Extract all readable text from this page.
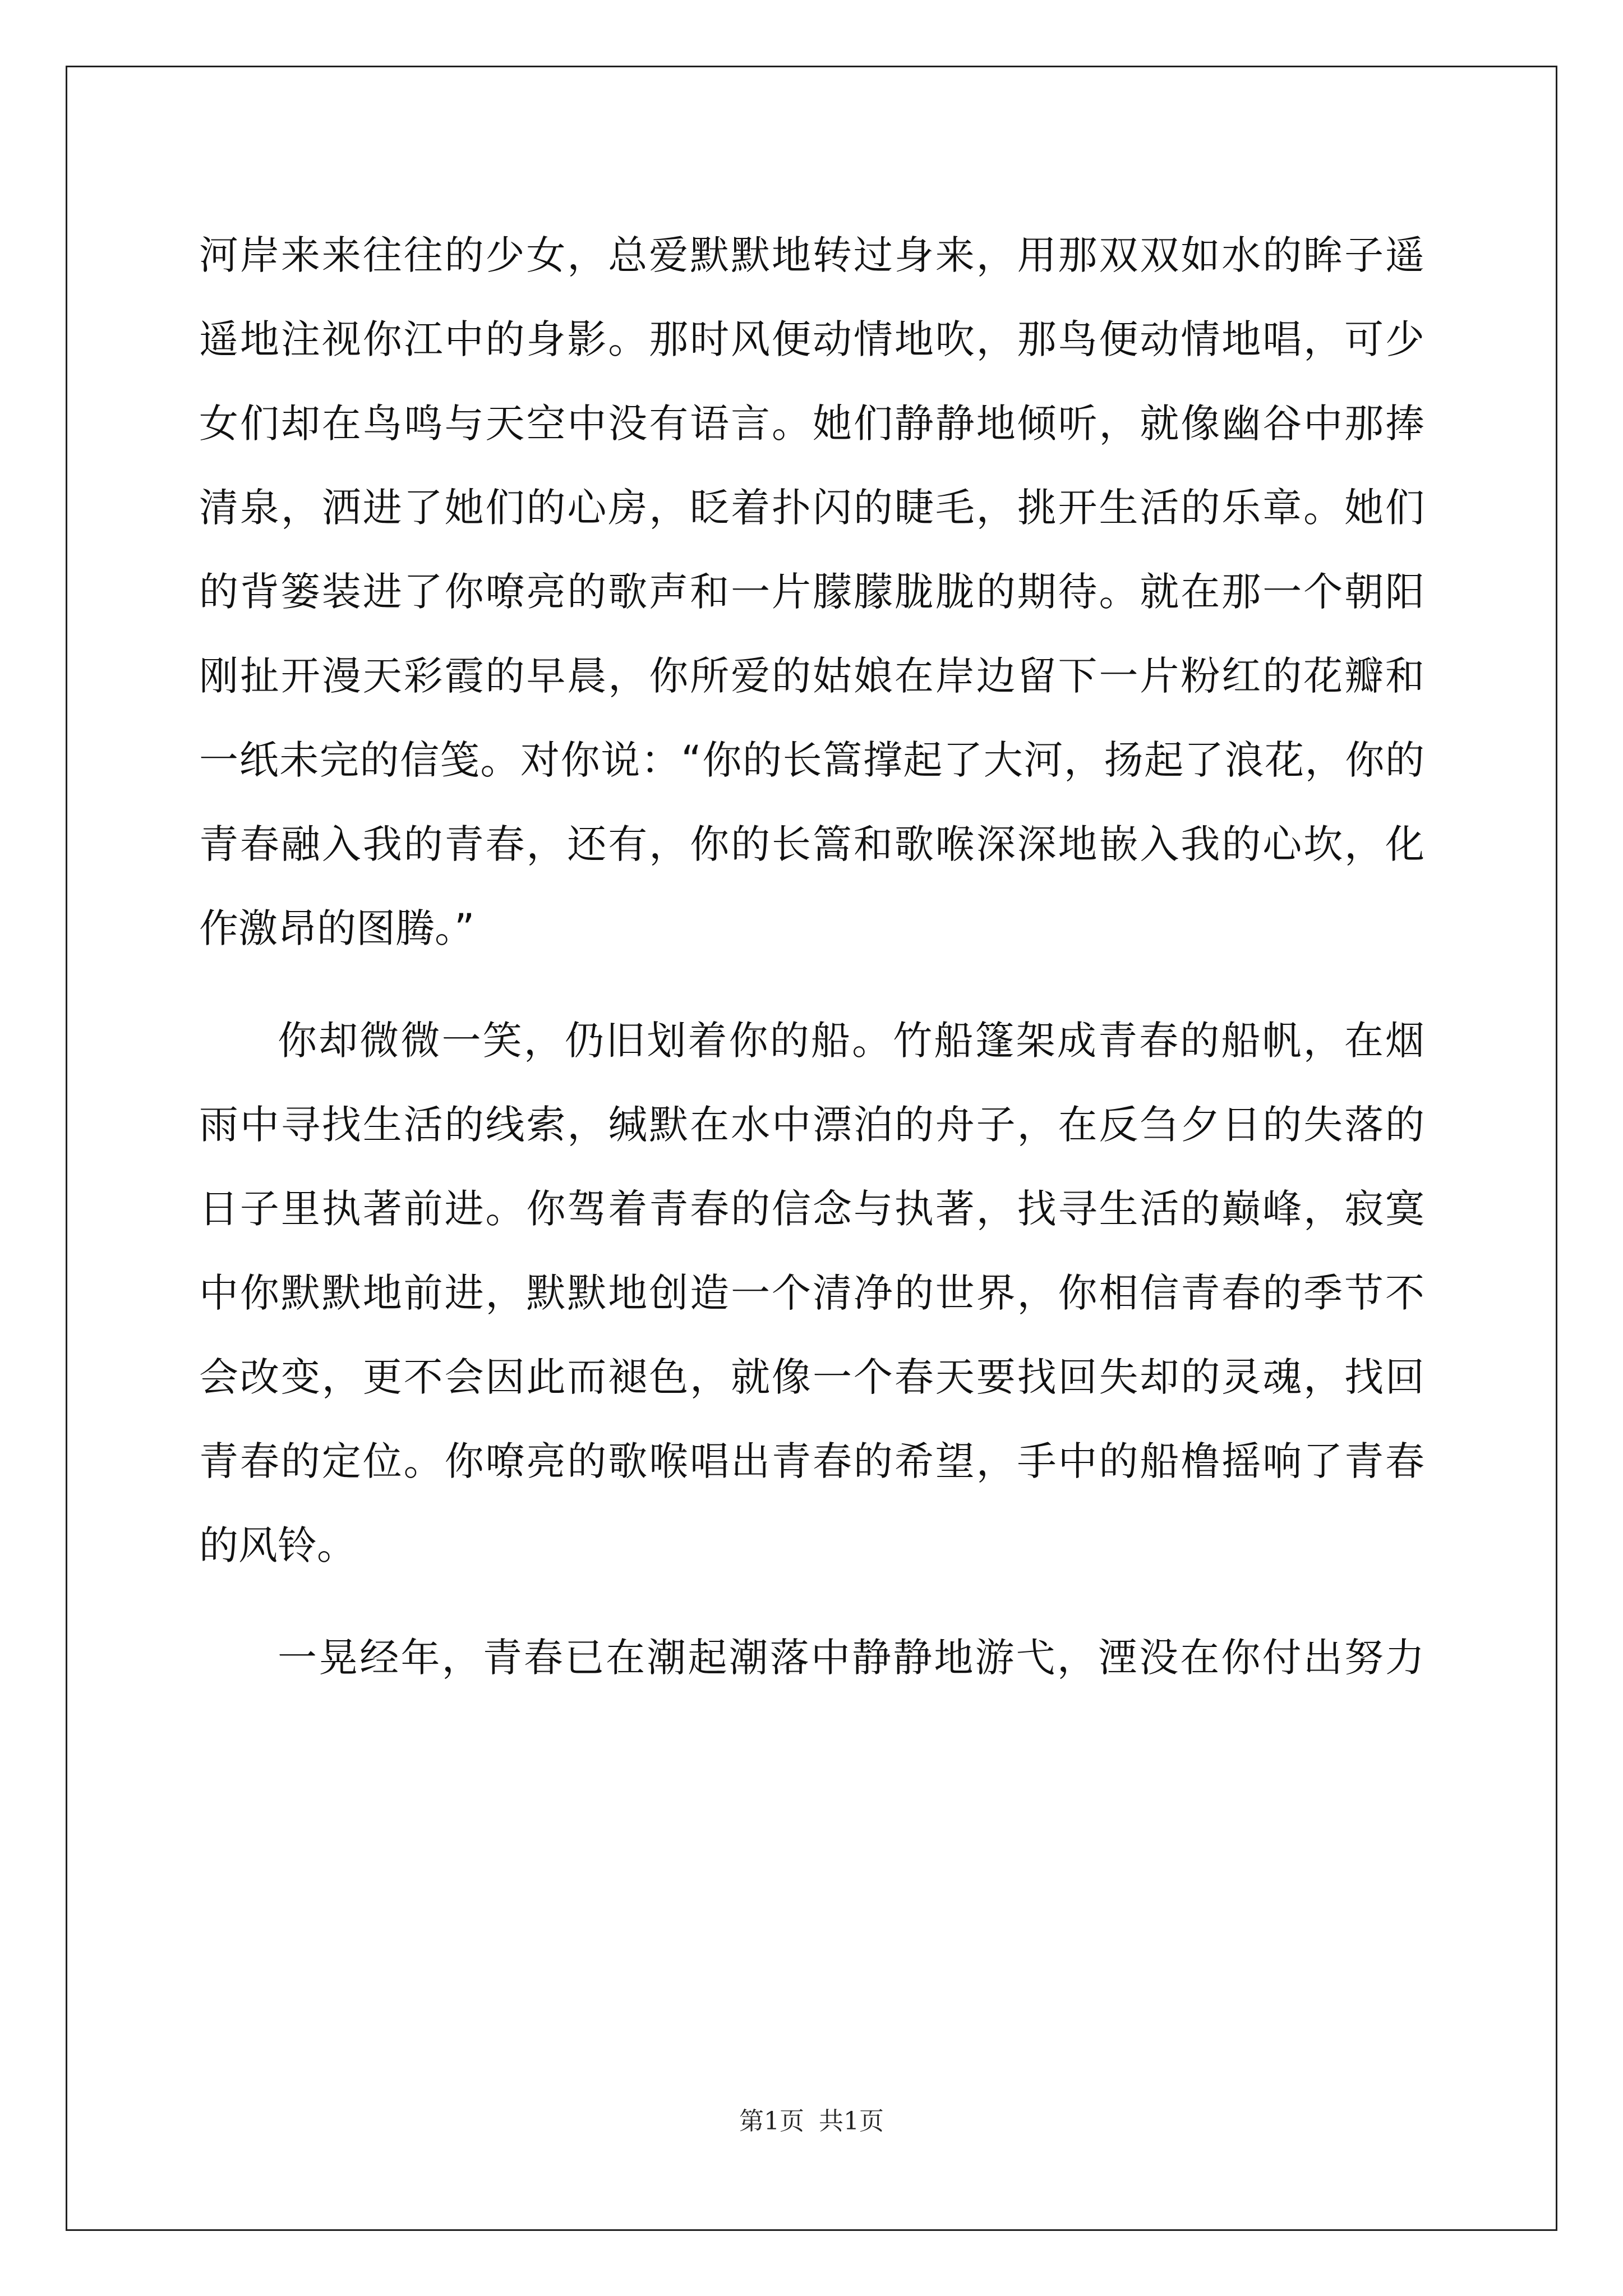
河岸来来往往的少女，总爱默默地转过身来，用那双双如水的眸子遥
遥地注视你江中的身影。那时风便动情地吹，那鸟便动情地唱，可少
女们却在鸟鸣与天空中没有语言。她们静静地倾听，就像幽谷中那捧
清泉，洒进了她们的心房，眨着扑闪的睫毛，挑开生活的乐章。她们
的背篓装进了你嘹亮的歌声和一片朦朦胧胧的期待。就在那一个朝阳
刚扯开漫天彩霞的早晨，你所爱的姑娘在岸边留下一片粉红的花瓣和
一纸未完的信笺。对你说：“你的长篙撑起了大河，扬起了浪花，你的
青春融入我的青春，还有，你的长篙和歌喉深深地嵌入我的心坎，化
作激昂的图腾。”
你却微微一笑，仍旧划着你的船。竹船篷架成青春的船帆，在烟
雨中寻找生活的线索，缄默在水中漂泊的舟子，在反刍夕日的失落的
日子里执著前进。你驾着青春的信念与执著，找寻生活的巅峰，寂寞
中你默默地前进，默默地创造一个清净的世界，你相信青春的季节不
会改变，更不会因此而褪色，就像一个春天要找回失却的灵魂，找回
青春的定位。你嘹亮的歌喉唱出青春的希望，手中的船橹摇响了青春
的风铃。
一晃经年，青春已在潮起潮落中静静地游弋，湮没在你付出努力
第1页 共1页
